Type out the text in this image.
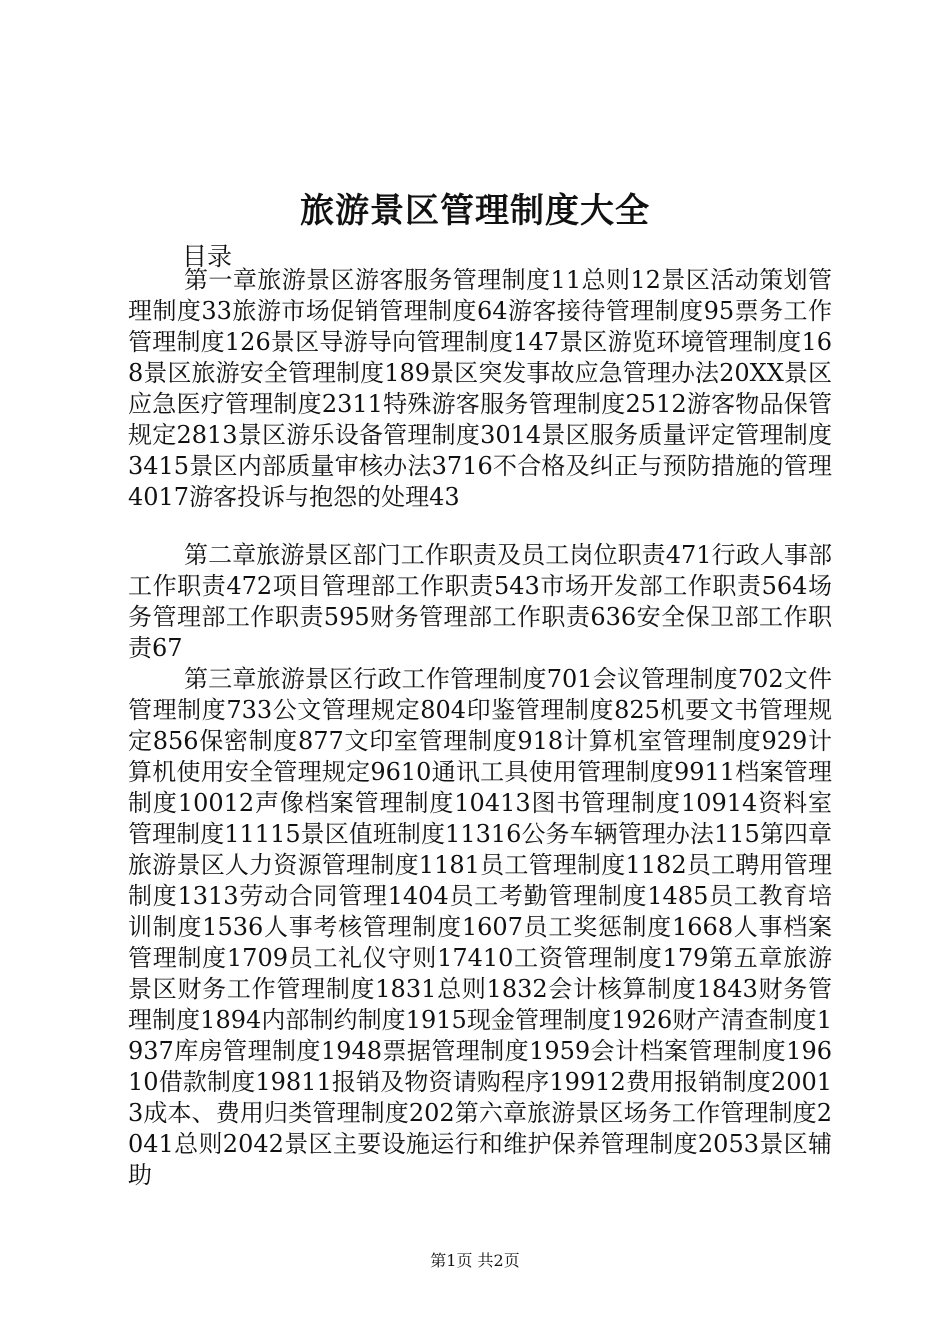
旅游景区管理制度大全
目录

第一章旅游景区游客服务管理制度11总则12景区活动策划管理制度33旅游市场促销管理制度64游客接待管理制度95票务工作管理制度126景区导游导向管理制度147景区游览环境管理制度168景区旅游安全管理制度189景区突发事故应急管理办法20XX景区应急医疗管理制度2311特殊游客服务管理制度2512游客物品保管规定2813景区游乐设备管理制度3014景区服务质量评定管理制度3415景区内部质量审核办法3716不合格及纠正与预防措施的管理4017游客投诉与抱怨的处理43

第二章旅游景区部门工作职责及员工岗位职责471行政人事部工作职责472项目管理部工作职责543市场开发部工作职责564场务管理部工作职责595财务管理部工作职责636安全保卫部工作职责67

第三章旅游景区行政工作管理制度701会议管理制度702文件管理制度733公文管理规定804印鉴管理制度825机要文书管理规定856保密制度877文印室管理制度918计算机室管理制度929计算机使用安全管理规定9610通讯工具使用管理制度9911档案管理制度10012声像档案管理制度10413图书管理制度10914资料室管理制度11115景区值班制度11316公务车辆管理办法115第四章旅游景区人力资源管理制度1181员工管理制度1182员工聘用管理制度1313劳动合同管理1404员工考勤管理制度1485员工教育培训制度1536人事考核管理制度1607员工奖惩制度1668人事档案管理制度1709员工礼仪守则17410工资管理制度179第五章旅游景区财务工作管理制度1831总则1832会计核算制度1843财务管理制度1894内部制约制度1915现金管理制度1926财产清查制度1937库房管理制度1948票据管理制度1959会计档案管理制度19610借款制度19811报销及物资请购程序19912费用报销制度20013成本、费用归类管理制度202第六章旅游景区场务工作管理制度2041总则2042景区主要设施运行和维护保养管理制度2053景区辅助

第1页 共2页
